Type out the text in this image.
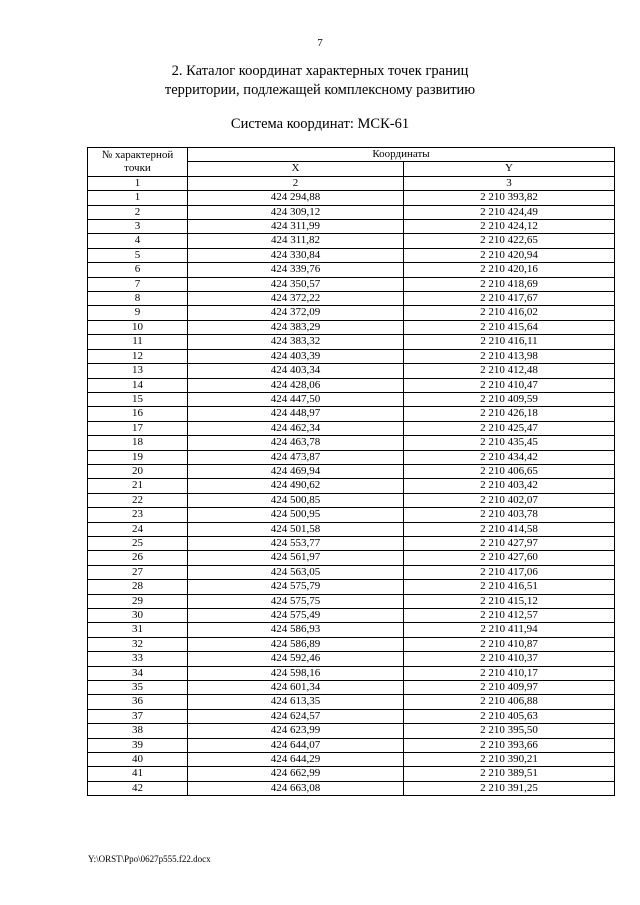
7
2. Каталог координат характерных точек границ
территории, подлежащей комплексному развитию
Система координат: МСК-61
№ характерной
точки	Координаты	
	X	Y
1	2	3
1	424 294,88	2 210 393,82
2	424 309,12	2 210 424,49
3	424 311,99	2 210 424,12
4	424 311,82	2 210 422,65
5	424 330,84	2 210 420,94
6	424 339,76	2 210 420,16
7	424 350,57	2 210 418,69
8	424 372,22	2 210 417,67
9	424 372,09	2 210 416,02
10	424 383,29	2 210 415,64
11	424 383,32	2 210 416,11
12	424 403,39	2 210 413,98
13	424 403,34	2 210 412,48
14	424 428,06	2 210 410,47
15	424 447,50	2 210 409,59
16	424 448,97	2 210 426,18
17	424 462,34	2 210 425,47
18	424 463,78	2 210 435,45
19	424 473,87	2 210 434,42
20	424 469,94	2 210 406,65
21	424 490,62	2 210 403,42
22	424 500,85	2 210 402,07
23	424 500,95	2 210 403,78
24	424 501,58	2 210 414,58
25	424 553,77	2 210 427,97
26	424 561,97	2 210 427,60
27	424 563,05	2 210 417,06
28	424 575,79	2 210 416,51
29	424 575,75	2 210 415,12
30	424 575,49	2 210 412,57
31	424 586,93	2 210 411,94
32	424 586,89	2 210 410,87
33	424 592,46	2 210 410,37
34	424 598,16	2 210 410,17
35	424 601,34	2 210 409,97
36	424 613,35	2 210 406,88
37	424 624,57	2 210 405,63
38	424 623,99	2 210 395,50
39	424 644,07	2 210 393,66
40	424 644,29	2 210 390,21
41	424 662,99	2 210 389,51
42	424 663,08	2 210 391,25
Y:\ORST\Ppo\0627p555.f22.docx
